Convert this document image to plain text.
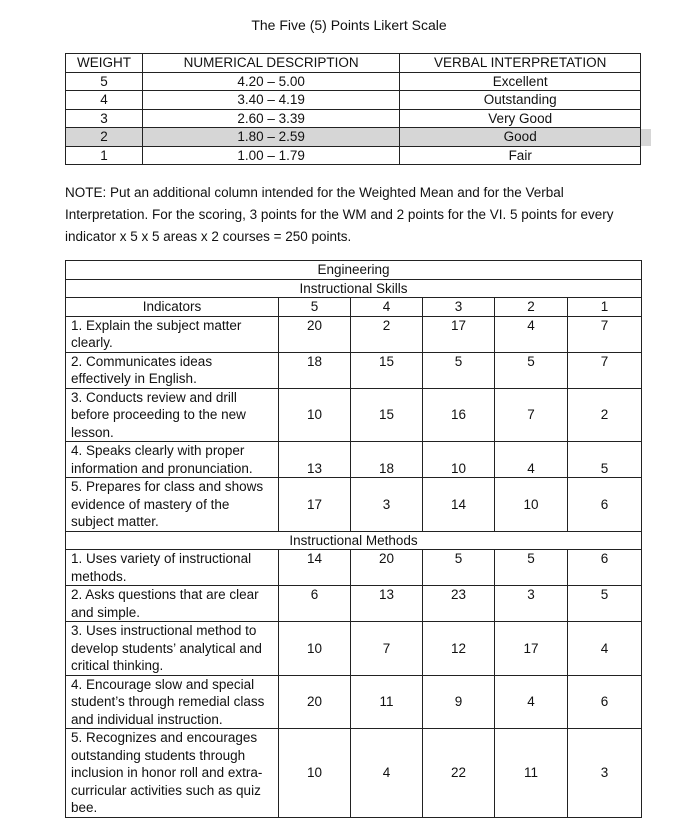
The Five (5) Points Likert Scale
WEIGHT	NUMERICAL DESCRIPTION	VERBAL INTERPRETATION
5	4.20 – 5.00	Excellent
4	3.40 – 4.19	Outstanding
3	2.60 – 3.39	Very Good
2	1.80 – 2.59	Good
1	1.00 – 1.79	Fair
NOTE: Put an additional column intended for the Weighted Mean and for the Verbal Interpretation. For the scoring, 3 points for the WM and 2 points for the VI. 5 points for every indicator x 5 x 5 areas x 2 courses = 250 points.
Engineering					
Instructional Skills					
Indicators	5	4	3	2	1
1. Explain the subject matter clearly.	20	2	17	4	7
2. Communicates ideas effectively in English.	18	15	5	5	7
3. Conducts review and drill before proceeding to the new lesson.	10	15	16	7	2
4. Speaks clearly with proper information and pronunciation.	13	18	10	4	5
5. Prepares for class and shows evidence of mastery of the subject matter.	17	3	14	10	6
Instructional Methods					
1. Uses variety of instructional methods.	14	20	5	5	6
2. Asks questions that are clear and simple.	6	13	23	3	5
3. Uses instructional method to develop students’ analytical and critical thinking.	10	7	12	17	4
4. Encourage slow and special student’s through remedial class and individual instruction.	20	11	9	4	6
5. Recognizes and encourages outstanding students through inclusion in honor roll and extra-curricular activities such as quiz bee.	10	4	22	11	3
